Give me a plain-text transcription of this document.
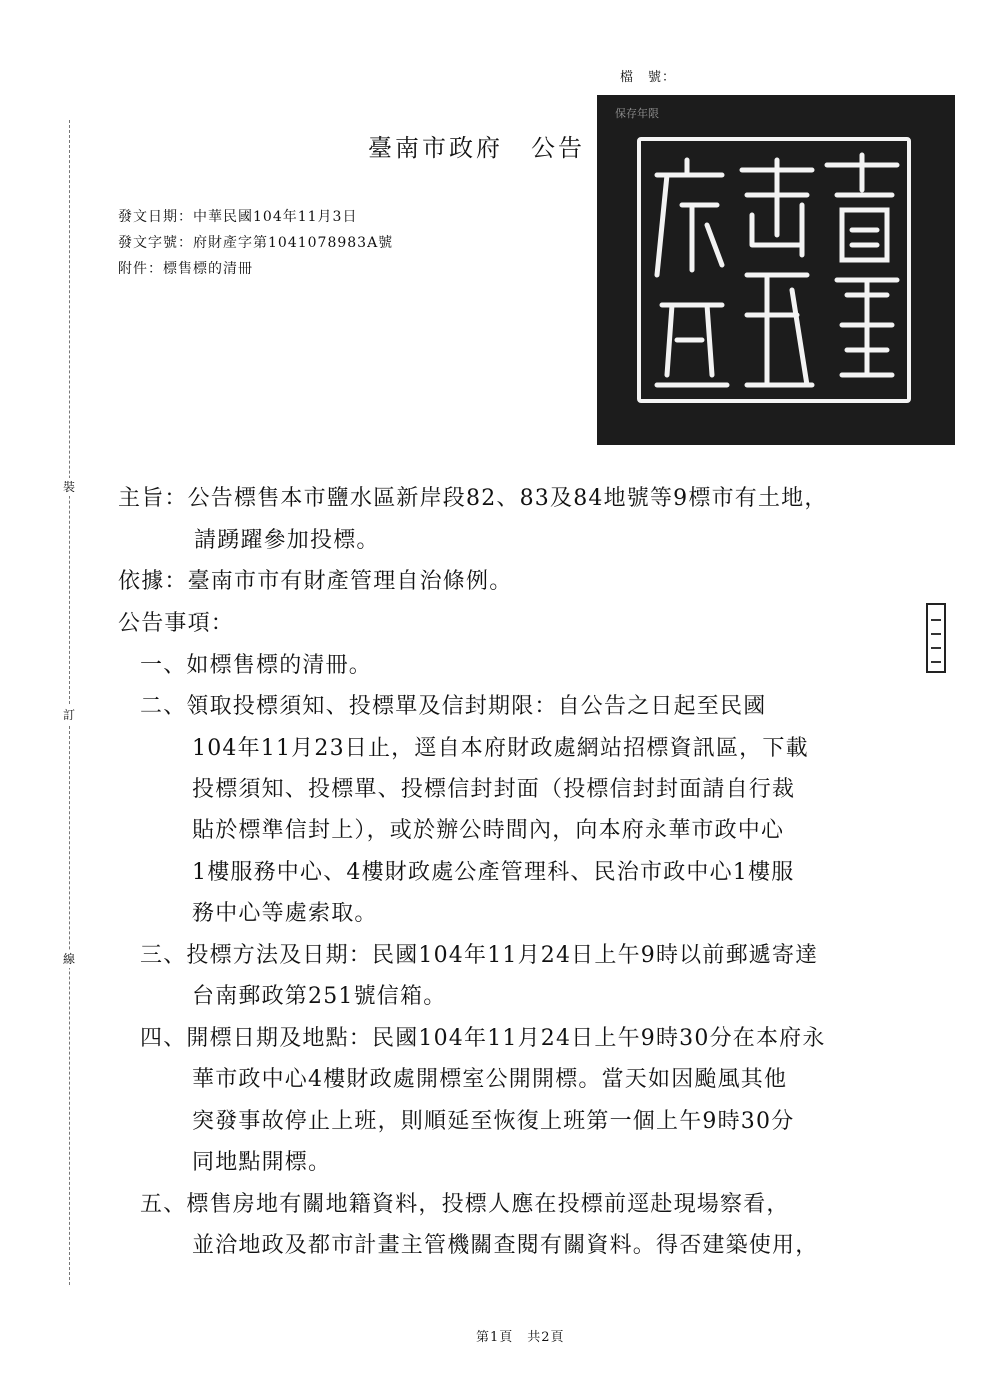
裝
訂
線
檔　號：
臺南市政府 公告
保存年限
發文日期：中華民國104年11月3日
發文字號：府財產字第1041078983A號
附件：標售標的清冊
主旨：公告標售本市鹽水區新岸段82、83及84地號等9標市有土地，
請踴躍參加投標。
依據：臺南市市有財產管理自治條例。
公告事項：
一、如標售標的清冊。
二、領取投標須知、投標單及信封期限：自公告之日起至民國
104年11月23日止，逕自本府財政處網站招標資訊區，下載
投標須知、投標單、投標信封封面（投標信封封面請自行裁
貼於標準信封上），或於辦公時間內，向本府永華市政中心
1樓服務中心、4樓財政處公產管理科、民治市政中心1樓服
務中心等處索取。
三、投標方法及日期：民國104年11月24日上午9時以前郵遞寄達
台南郵政第251號信箱。
四、開標日期及地點：民國104年11月24日上午9時30分在本府永
華市政中心4樓財政處開標室公開開標。當天如因颱風其他
突發事故停止上班，則順延至恢復上班第一個上午9時30分
同地點開標。
五、標售房地有關地籍資料，投標人應在投標前逕赴現場察看，
並洽地政及都市計畫主管機關查閱有關資料。得否建築使用，
第1頁 共2頁
